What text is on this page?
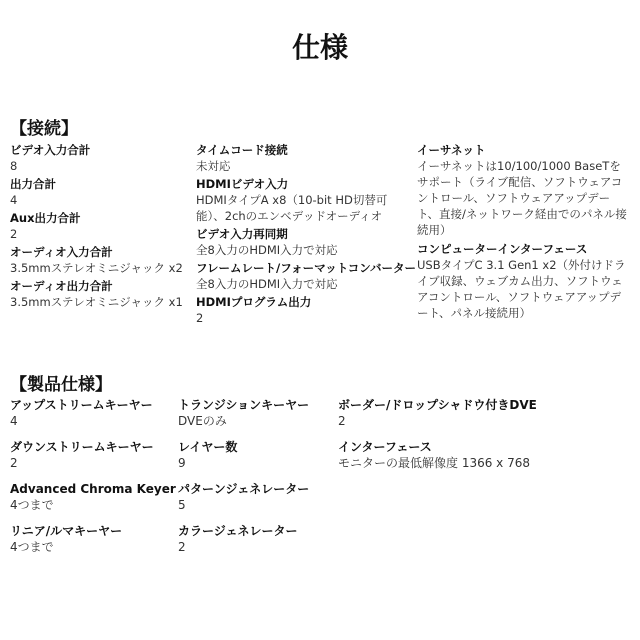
仕様
【接続】
ビデオ入力合計
8
出力合計
4
Aux出力合計
2
オーディオ入力合計
3.5mmステレオミニジャック x2
オーディオ出力合計
3.5mmステレオミニジャック x1
タイムコード接続
未対応
HDMIビデオ入力
HDMIタイプA x8（10-bit HD切替可能）、2chのエンベデッドオーディオ
ビデオ入力再同期
全8入力のHDMI入力で対応
フレームレート/フォーマットコンバーター
全8入力のHDMI入力で対応
HDMIプログラム出力
2
イーサネット
イーサネットは10/100/1000 BaseTをサポート（ライブ配信、ソフトウェアコントロール、ソフトウェアアップデート、直接/ネットワーク経由でのパネル接続用）
コンピューターインターフェース
USBタイプC 3.1 Gen1 x2（外付けドライブ収録、ウェブカム出力、ソフトウェアコントロール、ソフトウェアアップデート、パネル接続用）
【製品仕様】
アップストリームキーヤー
4
ダウンストリームキーヤー
2
Advanced Chroma Keyer
4つまで
リニア/ルマキーヤー
4つまで
トランジションキーヤー
DVEのみ
レイヤー数
9
パターンジェネレーター
5
カラージェネレーター
2
ボーダー/ドロップシャドウ付きDVE
2
インターフェース
モニターの最低解像度 1366 x 768
